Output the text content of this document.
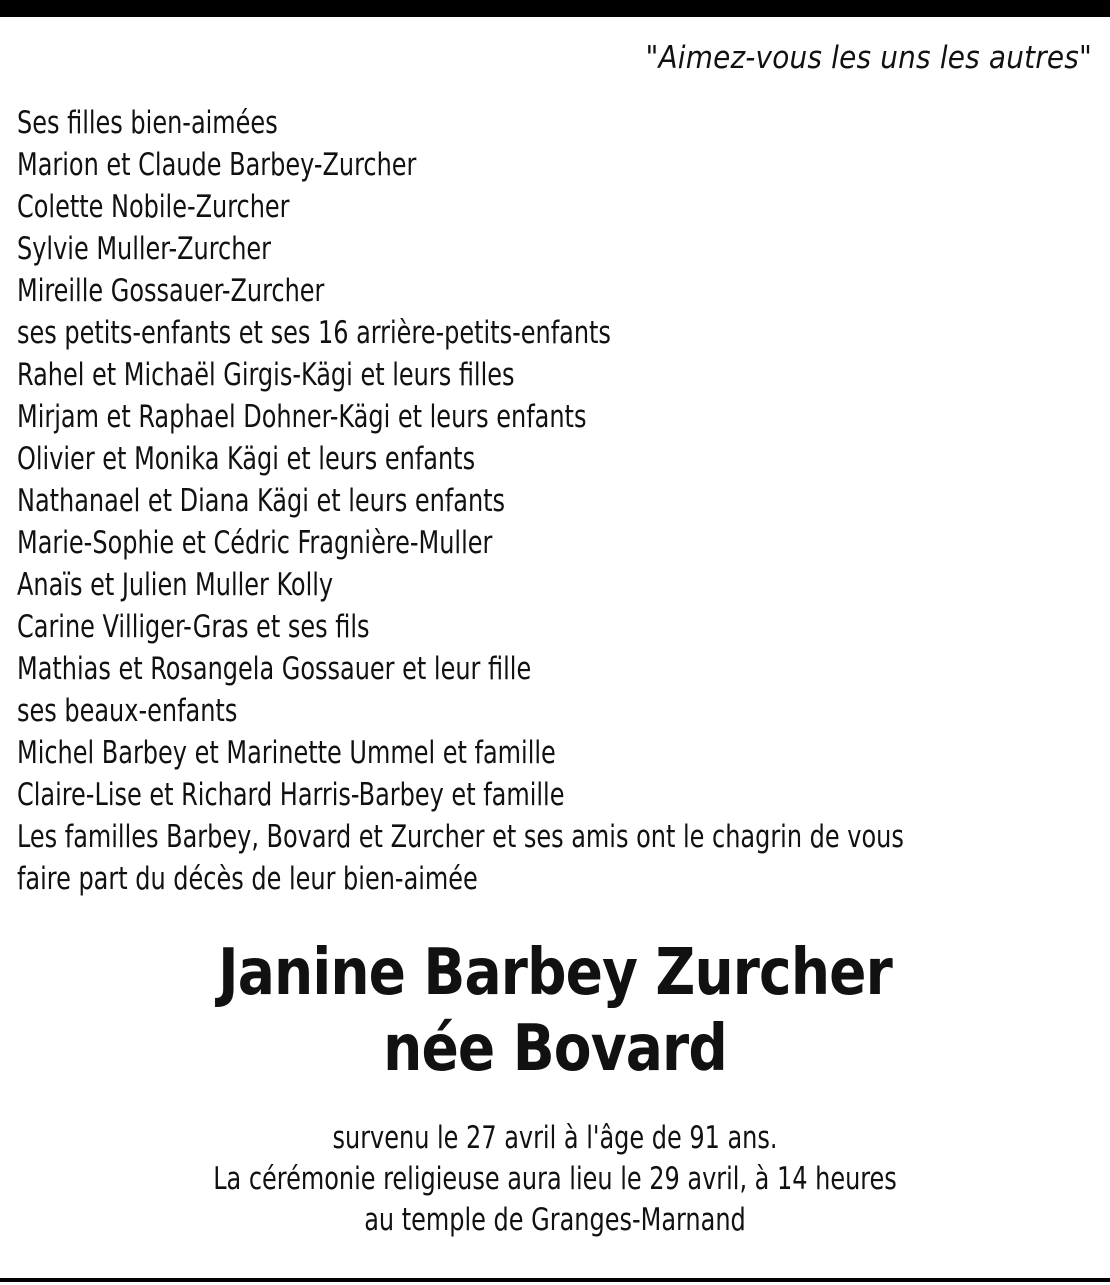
"Aimez-vous les uns les autres"
Ses filles bien-aimées
Marion et Claude Barbey-Zurcher
Colette Nobile-Zurcher
Sylvie Muller-Zurcher
Mireille Gossauer-Zurcher
ses petits-enfants et ses 16 arrière-petits-enfants
Rahel et Michaël Girgis-Kägi et leurs filles
Mirjam et Raphael Dohner-Kägi et leurs enfants
Olivier et Monika Kägi et leurs enfants
Nathanael et Diana Kägi et leurs enfants
Marie-Sophie et Cédric Fragnière-Muller
Anaïs et Julien Muller Kolly
Carine Villiger-Gras et ses fils
Mathias et Rosangela Gossauer et leur fille
ses beaux-enfants
Michel Barbey et Marinette Ummel et famille
Claire-Lise et Richard Harris-Barbey et famille
Les familles Barbey, Bovard et Zurcher et ses amis ont le chagrin de vous
faire part du décès de leur bien-aimée
Janine Barbey Zurcher
née Bovard
survenu le 27 avril à l'âge de 91 ans.
La cérémonie religieuse aura lieu le 29 avril, à 14 heures
au temple de Granges-Marnand
